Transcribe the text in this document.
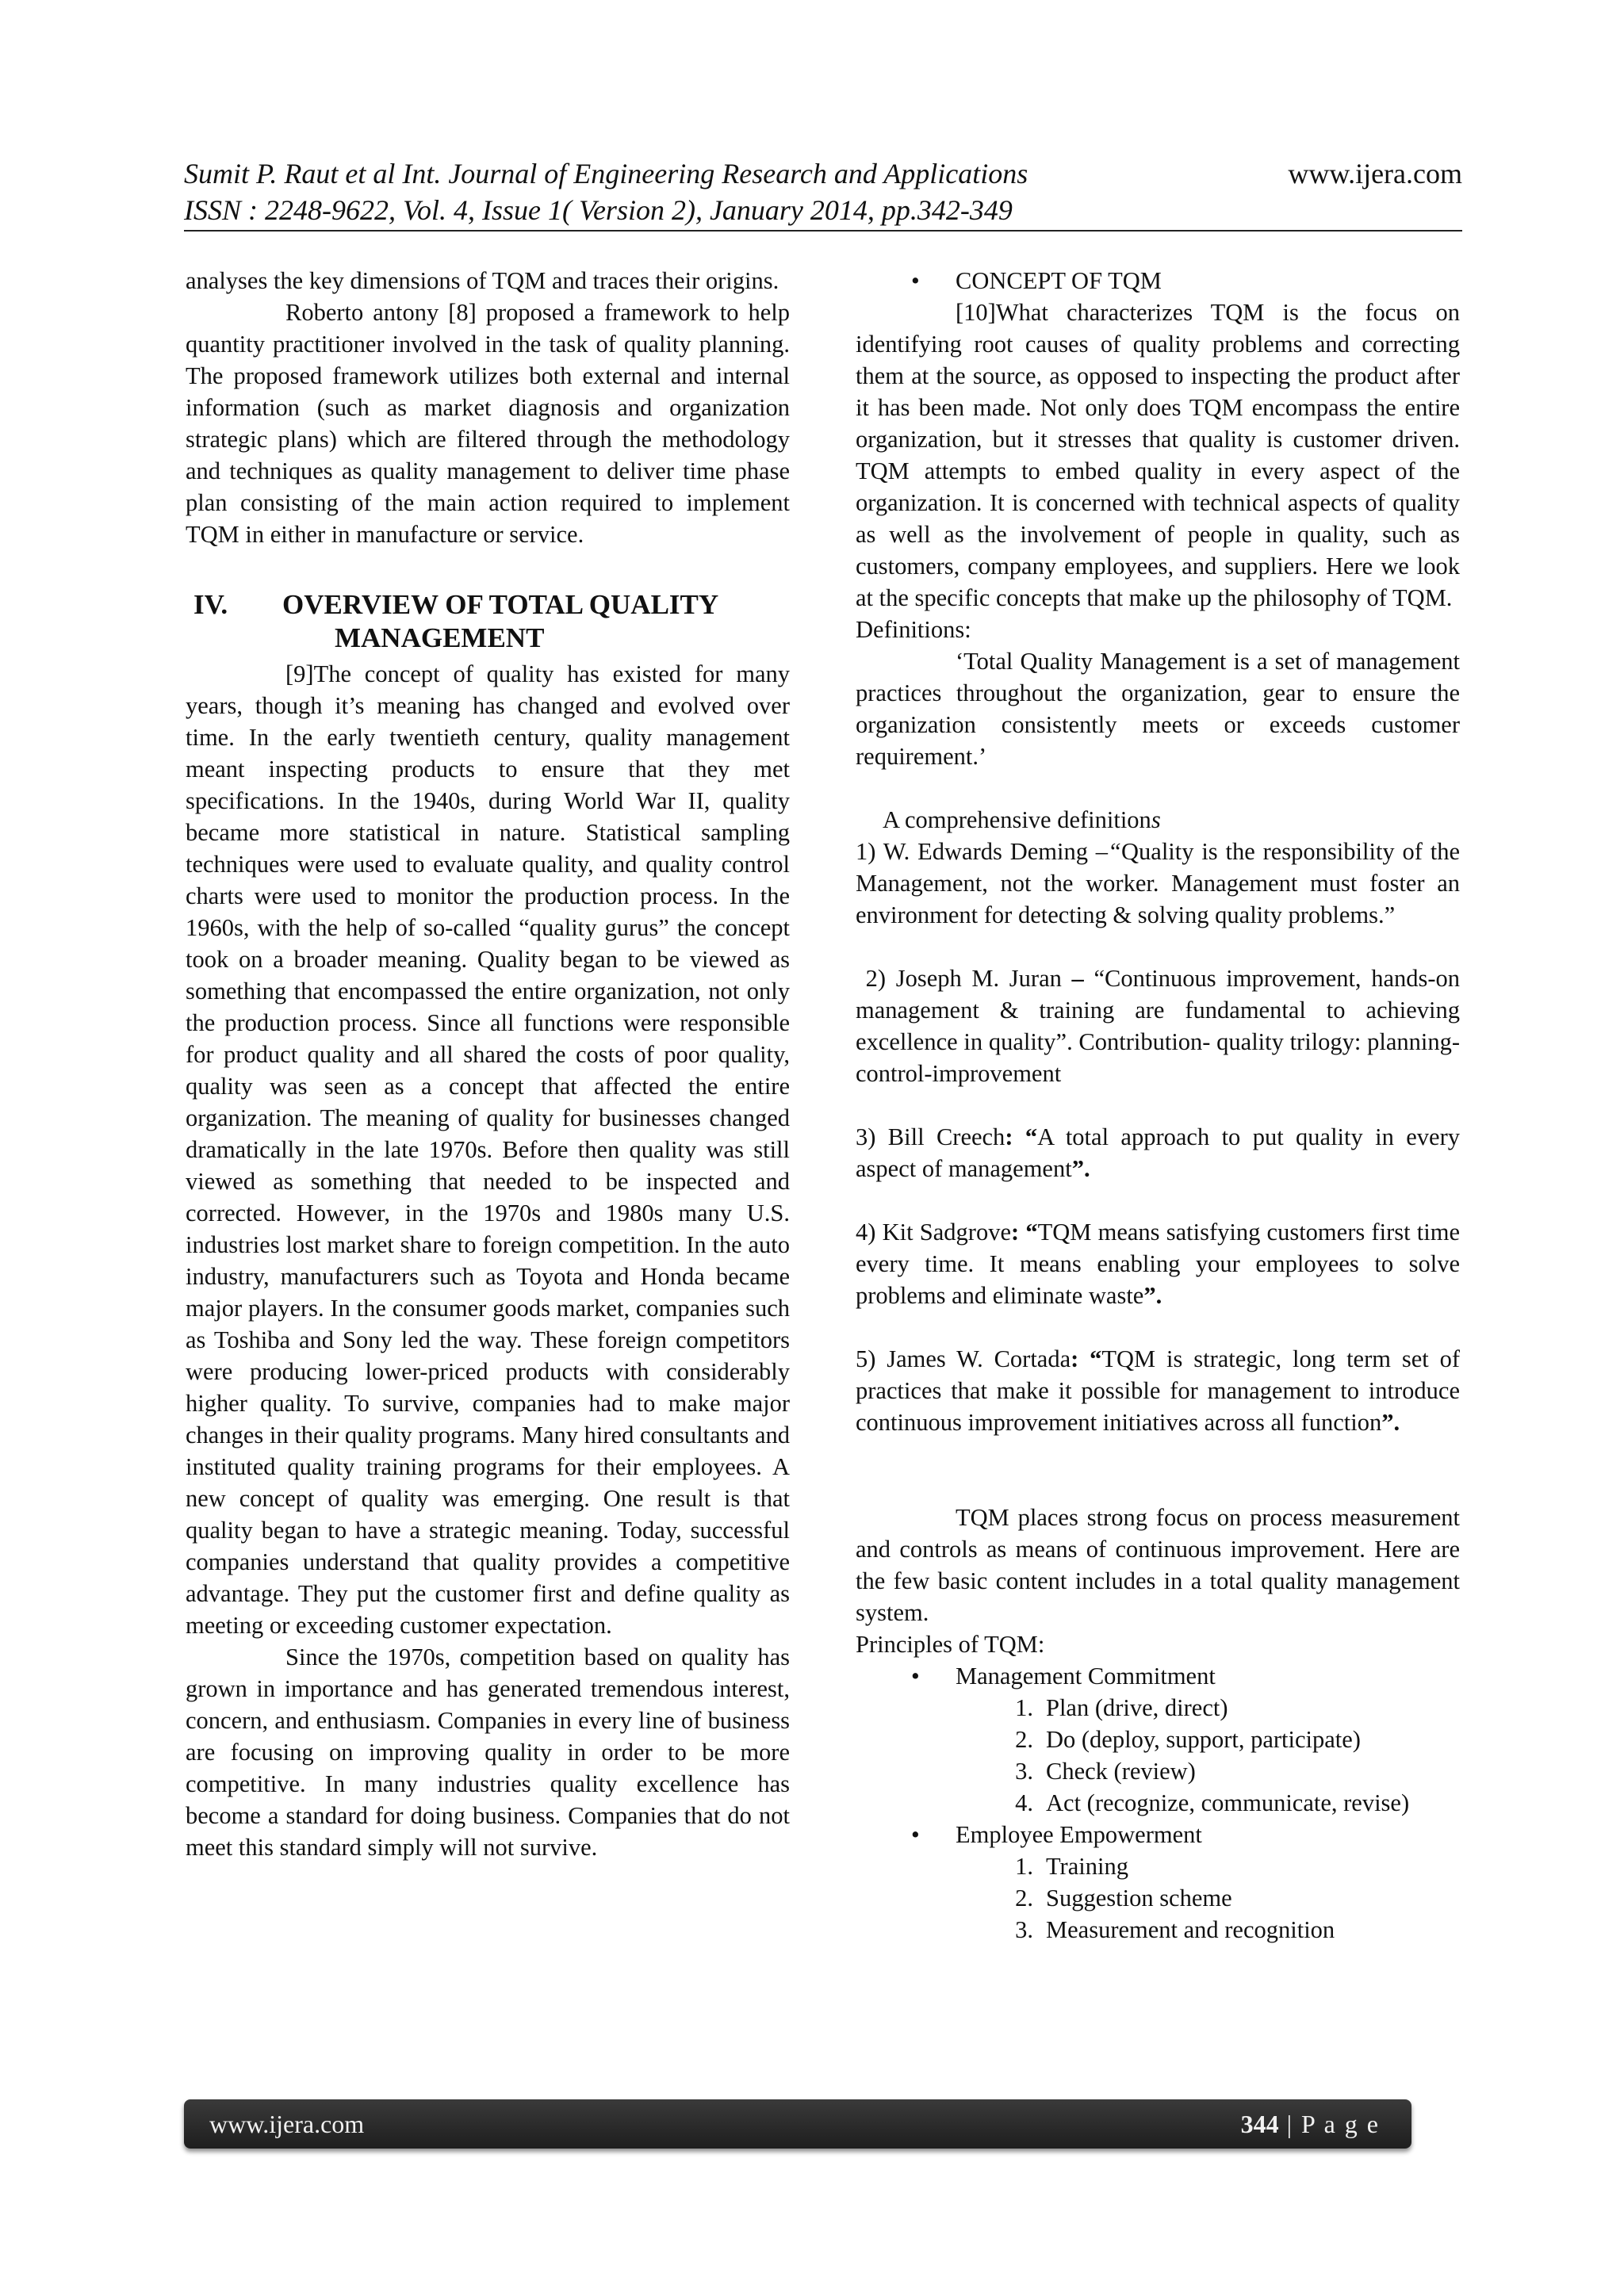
Sumit P. Raut et al Int. Journal of Engineering Research and Applications	www.ijera.com
ISSN : 2248-9622, Vol. 4, Issue 1( Version 2), January 2014, pp.342-349

analyses the key dimensions of TQM and traces their origins.

Roberto antony [8] proposed a framework to help quantity practitioner involved in the task of quality planning. The proposed framework utilizes both external and internal information (such as market diagnosis and organization strategic plans) which are filtered through the methodology and techniques as quality management to deliver time phase plan consisting of the main action required to implement TQM in either in manufacture or service.

IV. OVERVIEW OF TOTAL QUALITY
MANAGEMENT

[9]The concept of quality has existed for many years, though it’s meaning has changed and evolved over time. In the early twentieth century, quality management meant inspecting products to ensure that they met specifications. In the 1940s, during World War II, quality became more statistical in nature. Statistical sampling techniques were used to evaluate quality, and quality control charts were used to monitor the production process. In the 1960s, with the help of so-called “quality gurus” the concept took on a broader meaning. Quality began to be viewed as something that encompassed the entire organization, not only the production process. Since all functions were responsible for product quality and all shared the costs of poor quality, quality was seen as a concept that affected the entire organization. The meaning of quality for businesses changed dramatically in the late 1970s. Before then quality was still viewed as something that needed to be inspected and corrected. However, in the 1970s and 1980s many U.S. industries lost market share to foreign competition. In the auto industry, manufacturers such as Toyota and Honda became major players. In the consumer goods market, companies such as Toshiba and Sony led the way. These foreign competitors were producing lower-priced products with considerably higher quality. To survive, companies had to make major changes in their quality programs. Many hired consultants and instituted quality training programs for their employees. A new concept of quality was emerging. One result is that quality began to have a strategic meaning. Today, successful companies understand that quality provides a competitive advantage. They put the customer first and define quality as meeting or exceeding customer expectation.

Since the 1970s, competition based on quality has grown in importance and has generated tremendous interest, concern, and enthusiasm. Companies in every line of business are focusing on improving quality in order to be more competitive. In many industries quality excellence has become a standard for doing business. Companies that do not meet this standard simply will not survive.

• CONCEPT OF TQM

[10]What characterizes TQM is the focus on identifying root causes of quality problems and correcting them at the source, as opposed to inspecting the product after it has been made. Not only does TQM encompass the entire organization, but it stresses that quality is customer driven. TQM attempts to embed quality in every aspect of the organization. It is concerned with technical aspects of quality as well as the involvement of people in quality, such as customers, company employees, and suppliers. Here we look at the specific concepts that make up the philosophy of TQM.

Definitions:

‘Total Quality Management is a set of management practices throughout the organization, gear to ensure the organization consistently meets or exceeds customer requirement.’

A comprehensive definitions

1) W. Edwards Deming –“Quality is the responsibility of the Management, not the worker. Management must foster an environment for detecting & solving quality problems.”

2) Joseph M. Juran – “Continuous improvement, hands-on management & training are fundamental to achieving excellence in quality”. Contribution- quality trilogy: planning-control-improvement

3) Bill Creech: “A total approach to put quality in every aspect of management”.

4) Kit Sadgrove: “TQM means satisfying customers first time every time. It means enabling your employees to solve problems and eliminate waste”.

5) James W. Cortada: “TQM is strategic, long term set of practices that make it possible for management to introduce continuous improvement initiatives across all function”.

TQM places strong focus on process measurement and controls as means of continuous improvement. Here are the few basic content includes in a total quality management system.

Principles of TQM:

• Management Commitment
1. Plan (drive, direct)

2. Do (deploy, support, participate)

3. Check (review)

4. Act (recognize, communicate, revise)

• Employee Empowerment
1. Training

2. Suggestion scheme

3. Measurement and recognition

www.ijera.com	344 | P a g e
